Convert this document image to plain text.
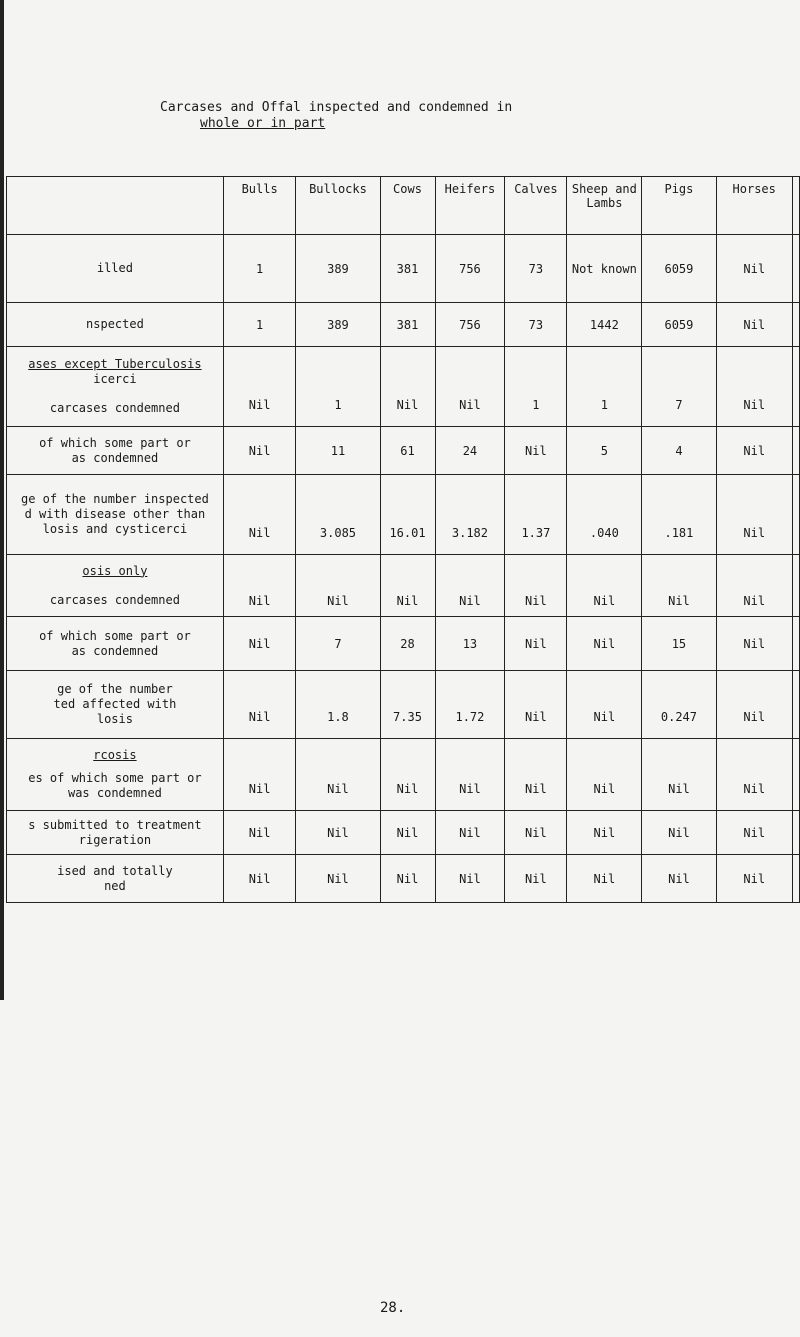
Carcases and Offal inspected and condemned in
whole or in part
	Bulls	Bullocks	Cows	Heifers	Calves	Sheep and Lambs	Pigs	Horses	

illed	1	389	381	756	73	Not known	6059	Nil	

nspected	1	389	381	756	73	1442	6059	Nil	

ases except Tuberculosis
icerci
carcases condemned	Nil	1	Nil	Nil	1	1	7	Nil	

of which some part or
as condemned	Nil	11	61	24	Nil	5	4	Nil	

ge of the number inspected
d with disease other than
losis and cysticerci	Nil	3.085	16.01	3.182	1.37	.040	.181	Nil	

osis only
carcases condemned	Nil	Nil	Nil	Nil	Nil	Nil	Nil	Nil	

of which some part or
as condemned	Nil	7	28	13	Nil	Nil	15	Nil	

ge of the number
ted affected with
losis	Nil	1.8	7.35	1.72	Nil	Nil	0.247	Nil	

rcosis
es of which some part or
was condemned	Nil	Nil	Nil	Nil	Nil	Nil	Nil	Nil	

s submitted to treatment
rigeration	Nil	Nil	Nil	Nil	Nil	Nil	Nil	Nil	

ised and totally
ned	Nil	Nil	Nil	Nil	Nil	Nil	Nil	Nil	
28.
